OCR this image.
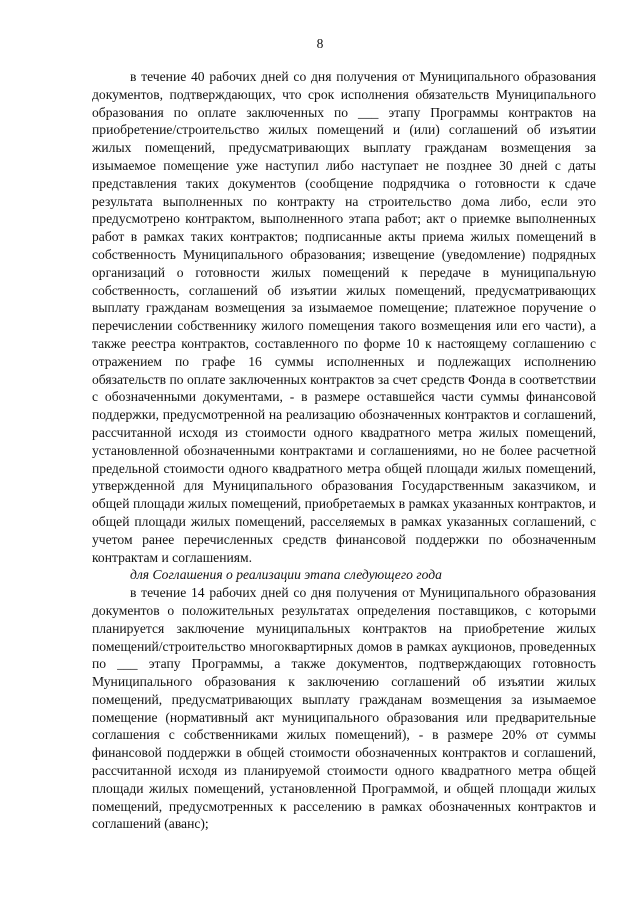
8

в течение 40 рабочих дней со дня получения от Муниципального образования документов, подтверждающих, что срок исполнения обязательств Муниципального образования по оплате заключенных по ___ этапу Программы контрактов на приобретение/строительство жилых помещений и (или) соглашений об изъятии жилых помещений, предусматривающих выплату гражданам возмещения за изымаемое помещение уже наступил либо наступает не позднее 30 дней с даты представления таких документов (сообщение подрядчика о готовности к сдаче результата выполненных по контракту на строительство дома либо, если это предусмотрено контрактом, выполненного этапа работ; акт о приемке выполненных работ в рамках таких контрактов; подписанные акты приема жилых помещений в собственность Муниципального образования; извещение (уведомление) подрядных организаций о готовности жилых помещений к передаче в муниципальную собственность, соглашений об изъятии жилых помещений, предусматривающих выплату гражданам возмещения за изымаемое помещение; платежное поручение о перечислении собственнику жилого помещения такого возмещения или его части), а также реестра контрактов, составленного по форме 10 к настоящему соглашению с отражением по графе 16 суммы исполненных и подлежащих исполнению обязательств по оплате заключенных контрактов за счет средств Фонда в соответствии с обозначенными документами, - в размере оставшейся части суммы финансовой поддержки, предусмотренной на реализацию обозначенных контрактов и соглашений, рассчитанной исходя из стоимости одного квадратного метра жилых помещений, установленной обозначенными контрактами и соглашениями, но не более расчетной предельной стоимости одного квадратного метра общей площади жилых помещений, утвержденной для Муниципального образования Государственным заказчиком, и общей площади жилых помещений, приобретаемых в рамках указанных контрактов, и общей площади жилых помещений, расселяемых в рамках указанных соглашений, с учетом ранее перечисленных средств финансовой поддержки по обозначенным контрактам и соглашениям.

для Соглашения о реализации этапа следующего года

в течение 14 рабочих дней со дня получения от Муниципального образования документов о положительных результатах определения поставщиков, с которыми планируется заключение муниципальных контрактов на приобретение жилых помещений/строительство многоквартирных домов в рамках аукционов, проведенных по ___ этапу Программы, а также документов, подтверждающих готовность Муниципального образования к заключению соглашений об изъятии жилых помещений, предусматривающих выплату гражданам возмещения за изымаемое помещение (нормативный акт муниципального образования или предварительные соглашения с собственниками жилых помещений), - в размере 20% от суммы финансовой поддержки в общей стоимости обозначенных контрактов и соглашений, рассчитанной исходя из планируемой стоимости одного квадратного метра общей площади жилых помещений, установленной Программой, и общей площади жилых помещений, предусмотренных к расселению в рамках обозначенных контрактов и соглашений (аванс);
